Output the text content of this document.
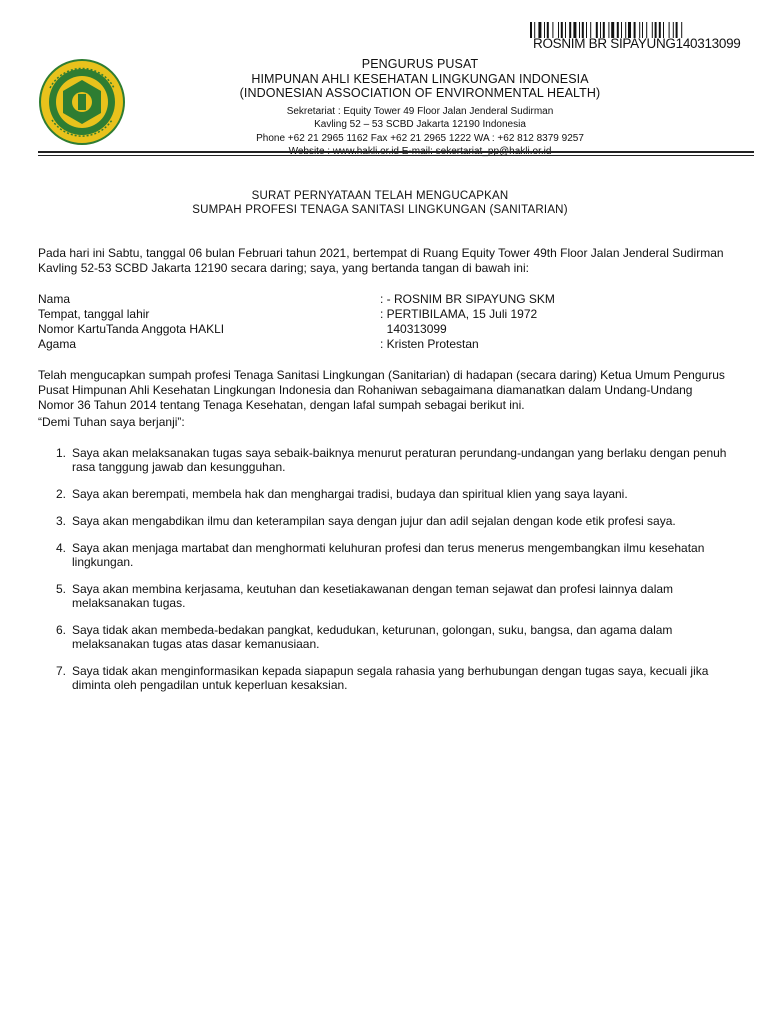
ROSNIM BR SIPAYUNG140313099
PENGURUS PUSAT
HIMPUNAN AHLI KESEHATAN LINGKUNGAN INDONESIA
(INDONESIAN ASSOCIATION OF ENVIRONMENTAL HEALTH)
Sekretariat : Equity Tower 49 Floor Jalan Jenderal Sudirman
Kavling 52 – 53 SCBD Jakarta 12190 Indonesia
Phone +62 21 2965 1162 Fax +62 21 2965 1222 WA : +62 812 8379 9257
SURAT PERNYATAAN TELAH MENGUCAPKAN
SUMPAH PROFESI TENAGA SANITASI LINGKUNGAN (SANITARIAN)
Pada hari ini Sabtu, tanggal 06 bulan Februari tahun 2021, bertempat di Ruang Equity Tower 49th Floor Jalan Jenderal Sudirman Kavling 52-53 SCBD Jakarta 12190 secara daring; saya, yang bertanda tangan di bawah ini:
Nama	: - ROSNIM BR SIPAYUNG SKM
Tempat, tanggal lahir	: PERTIBILAMA, 15 Juli 1972
Nomor KartuTanda Anggota HAKLI	140313099
Agama	: Kristen Protestan
Telah mengucapkan sumpah profesi Tenaga Sanitasi Lingkungan (Sanitarian) di hadapan (secara daring) Ketua Umum Pengurus Pusat Himpunan Ahli Kesehatan Lingkungan Indonesia dan Rohaniwan sebagaimana diamanatkan dalam Undang-Undang Nomor 36 Tahun 2014 tentang Tenaga Kesehatan, dengan lafal sumpah sebagai berikut ini.
“Demi Tuhan saya berjanji”:
1. Saya akan melaksanakan tugas saya sebaik-baiknya menurut peraturan perundang-undangan yang berlaku dengan penuh rasa tanggung jawab dan kesungguhan.
2. Saya akan berempati, membela hak dan menghargai tradisi, budaya dan spiritual klien yang saya layani.
3. Saya akan mengabdikan ilmu dan keterampilan saya dengan jujur dan adil sejalan dengan kode etik profesi saya.
4. Saya akan menjaga martabat dan menghormati keluhuran profesi dan terus menerus mengembangkan ilmu kesehatan lingkungan.
5. Saya akan membina kerjasama, keutuhan dan kesetiakawanan dengan teman sejawat dan profesi lainnya dalam melaksanakan tugas.
6. Saya tidak akan membeda-bedakan pangkat, kedudukan, keturunan, golongan, suku, bangsa, dan agama dalam melaksanakan tugas atas dasar kemanusiaan.
7. Saya tidak akan menginformasikan kepada siapapun segala rahasia yang berhubungan dengan tugas saya, kecuali jika diminta oleh pengadilan untuk keperluan kesaksian.
